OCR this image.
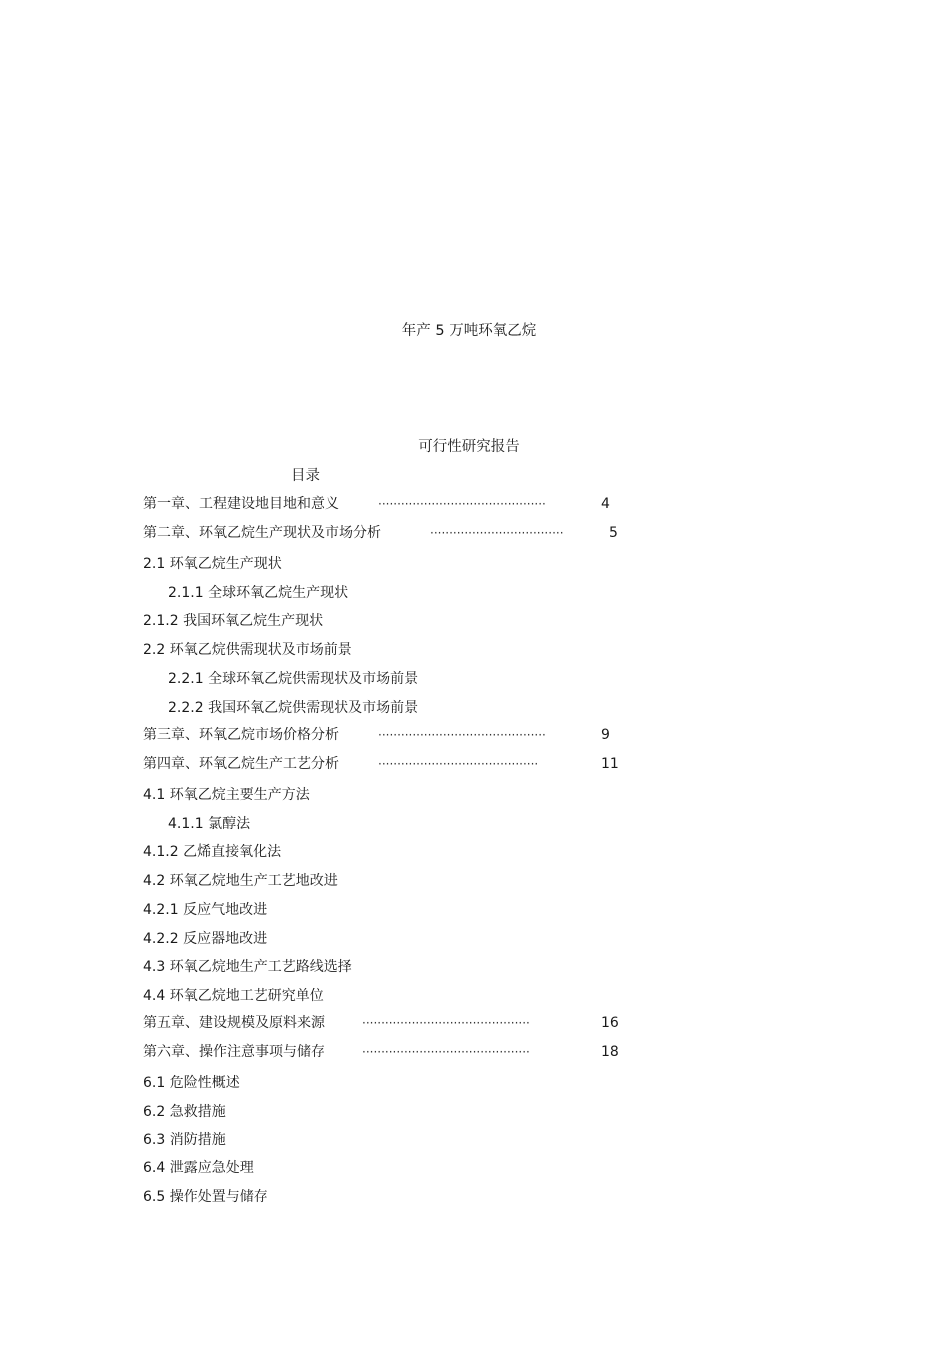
年产 5 万吨环氧乙烷
可行性研究报告
目录
第一章、工程建设地目地和意义	············································	4
第二章、环氧乙烷生产现状及市场分析	···································	5
2.1 环氧乙烷生产现状
2.1.1 全球环氧乙烷生产现状
2.1.2 我国环氧乙烷生产现状
2.2 环氧乙烷供需现状及市场前景
2.2.1 全球环氧乙烷供需现状及市场前景
2.2.2 我国环氧乙烷供需现状及市场前景
第三章、环氧乙烷市场价格分析	············································	9
第四章、环氧乙烷生产工艺分析	··········································	11
4.1 环氧乙烷主要生产方法
4.1.1 氯醇法
4.1.2 乙烯直接氧化法
4.2 环氧乙烷地生产工艺地改进
4.2.1 反应气地改进
4.2.2 反应器地改进
4.3 环氧乙烷地生产工艺路线选择
4.4 环氧乙烷地工艺研究单位
第五章、建设规模及原料来源	············································	16
第六章、操作注意事项与储存	············································	18
6.1 危险性概述
6.2 急救措施
6.3 消防措施
6.4 泄露应急处理
6.5 操作处置与储存
